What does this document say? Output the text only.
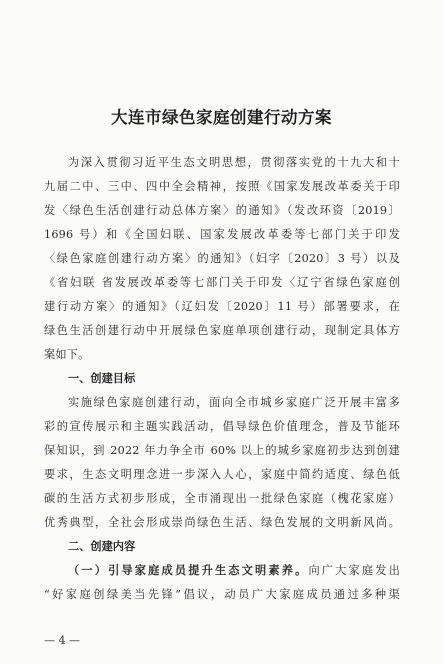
大连市绿色家庭创建行动方案
为深入贯彻习近平生态文明思想，贯彻落实党的十九大和十
九届二中、三中、四中全会精神，按照《国家发展改革委关于印
发〈绿色生活创建行动总体方案〉的通知》（发改环资〔2019〕
1696 号）和《全国妇联、国家发展改革委等七部门关于印发
〈绿色家庭创建行动方案〉的通知》（妇字〔2020〕3 号）以及
《省妇联 省发展改革委等七部门关于印发〈辽宁省绿色家庭创
建行动方案〉的通知》（辽妇发〔2020〕11 号）部署要求，在
绿色生活创建行动中开展绿色家庭单项创建行动，现制定具体方
案如下。
一、创建目标
实施绿色家庭创建行动，面向全市城乡家庭广泛开展丰富多
彩的宣传展示和主题实践活动，倡导绿色价值理念，普及节能环
保知识，到 2022 年力争全市 60% 以上的城乡家庭初步达到创建
要求，生态文明理念进一步深入人心，家庭中简约适度、绿色低
碳的生活方式初步形成，全市涌现出一批绿色家庭（槐花家庭）
优秀典型，全社会形成崇尚绿色生活、绿色发展的文明新风尚。
二、创建内容
（一）引导家庭成员提升生态文明素养。向广大家庭发出
“好家庭创绿美当先锋”倡议，动员广大家庭成员通过多种渠
— 4 —
